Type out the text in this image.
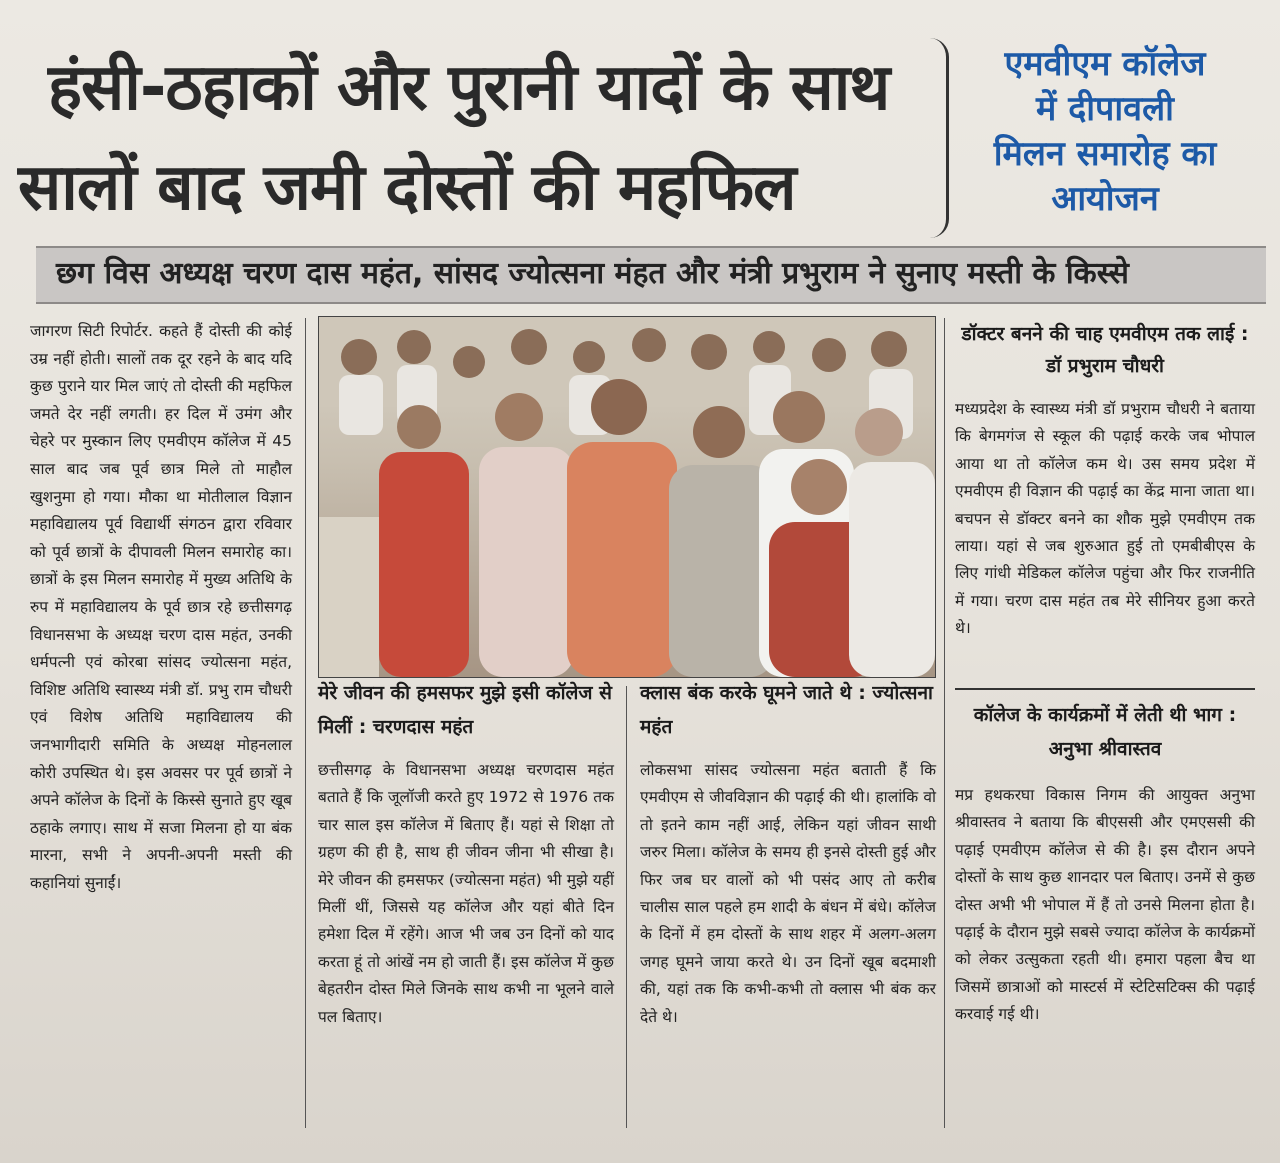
हंसी-ठहाकों और पुरानी यादों के साथ
सालों बाद जमी दोस्तों की महफिल
एमवीएम कॉलेज
में दीपावली
मिलन समारोह का
आयोजन
छग विस अध्यक्ष चरण दास महंत, सांसद ज्योत्सना मंहत और मंत्री प्रभुराम ने सुनाए मस्ती के किस्से

जागरण सिटी रिपोर्टर. कहते हैं दोस्ती की कोई उम्र नहीं होती। सालों तक दूर रहने के बाद यदि कुछ पुराने यार मिल जाएं तो दोस्ती की महफिल जमते देर नहीं लगती। हर दिल में उमंग और चेहरे पर मुस्कान लिए एमवीएम कॉलेज में 45 साल बाद जब पूर्व छात्र मिले तो माहौल खुशनुमा हो गया। मौका था मोतीलाल विज्ञान महाविद्यालय पूर्व विद्यार्थी संगठन द्वारा रविवार को पूर्व छात्रों के दीपावली मिलन समारोह का। छात्रों के इस मिलन समारोह में मुख्य अतिथि के रुप में महाविद्यालय के पूर्व छात्र रहे छत्तीसगढ़ विधानसभा के अध्यक्ष चरण दास महंत, उनकी धर्मपत्नी एवं कोरबा सांसद ज्योत्सना महंत, विशिष्ट अतिथि स्वास्थ्य मंत्री डॉ. प्रभु राम चौधरी एवं विशेष अतिथि महाविद्यालय की जनभागीदारी समिति के अध्यक्ष मोहनलाल कोरी उपस्थित थे। इस अवसर पर पूर्व छात्रों ने अपने कॉलेज के दिनों के किस्से सुनाते हुए खूब ठहाके लगाए। साथ में सजा मिलना हो या बंक मारना, सभी ने अपनी-अपनी मस्ती की कहानियां सुनाईं।

मेरे जीवन की हमसफर मुझे इसी कॉलेज से मिलीं : चरणदास महंत
छत्तीसगढ़ के विधानसभा अध्यक्ष चरणदास महंत बताते हैं कि जूलॉजी करते हुए 1972 से 1976 तक चार साल इस कॉलेज में बिताए हैं। यहां से शिक्षा तो ग्रहण की ही है, साथ ही जीवन जीना भी सीखा है। मेरे जीवन की हमसफर (ज्योत्सना महंत) भी मुझे यहीं मिलीं थीं, जिससे यह कॉलेज और यहां बीते दिन हमेशा दिल में रहेंगे। आज भी जब उन दिनों को याद करता हूं तो आंखें नम हो जाती हैं। इस कॉलेज में कुछ बेहतरीन दोस्त मिले जिनके साथ कभी ना भूलने वाले पल बिताए।
क्लास बंक करके घूमने जाते थे : ज्योत्सना महंत
लोकसभा सांसद ज्योत्सना महंत बताती हैं कि एमवीएम से जीवविज्ञान की पढ़ाई की थी। हालांकि वो तो इतने काम नहीं आई, लेकिन यहां जीवन साथी जरुर मिला। कॉलेज के समय ही इनसे दोस्ती हुई और फिर जब घर वालों को भी पसंद आए तो करीब चालीस साल पहले हम शादी के बंधन में बंधे। कॉलेज के दिनों में हम दोस्तों के साथ शहर में अलग-अलग जगह घूमने जाया करते थे। उन दिनों खूब बदमाशी की, यहां तक कि कभी-कभी तो क्लास भी बंक कर देते थे।
डॉक्टर बनने की चाह एमवीएम तक लाई : डॉ प्रभुराम चौधरी
मध्यप्रदेश के स्वास्थ्य मंत्री डॉ प्रभुराम चौधरी ने बताया कि बेगमगंज से स्कूल की पढ़ाई करके जब भोपाल आया था तो कॉलेज कम थे। उस समय प्रदेश में एमवीएम ही विज्ञान की पढ़ाई का केंद्र माना जाता था। बचपन से डॉक्टर बनने का शौक मुझे एमवीएम तक लाया। यहां से जब शुरुआत हुई तो एमबीबीएस के लिए गांधी मेडिकल कॉलेज पहुंचा और फिर राजनीति में गया। चरण दास महंत तब मेरे सीनियर हुआ करते थे।
कॉलेज के कार्यक्रमों में लेती थी भाग : अनुभा श्रीवास्तव
मप्र हथकरघा विकास निगम की आयुक्त अनुभा श्रीवास्तव ने बताया कि बीएससी और एमएससी की पढ़ाई एमवीएम कॉलेज से की है। इस दौरान अपने दोस्तों के साथ कुछ शानदार पल बिताए। उनमें से कुछ दोस्त अभी भी भोपाल में हैं तो उनसे मिलना होता है। पढ़ाई के दौरान मुझे सबसे ज्यादा कॉलेज के कार्यक्रमों को लेकर उत्सुकता रहती थी। हमारा पहला बैच था जिसमें छात्राओं को मास्टर्स में स्टेटिसटिक्स की पढ़ाई करवाई गई थी।
